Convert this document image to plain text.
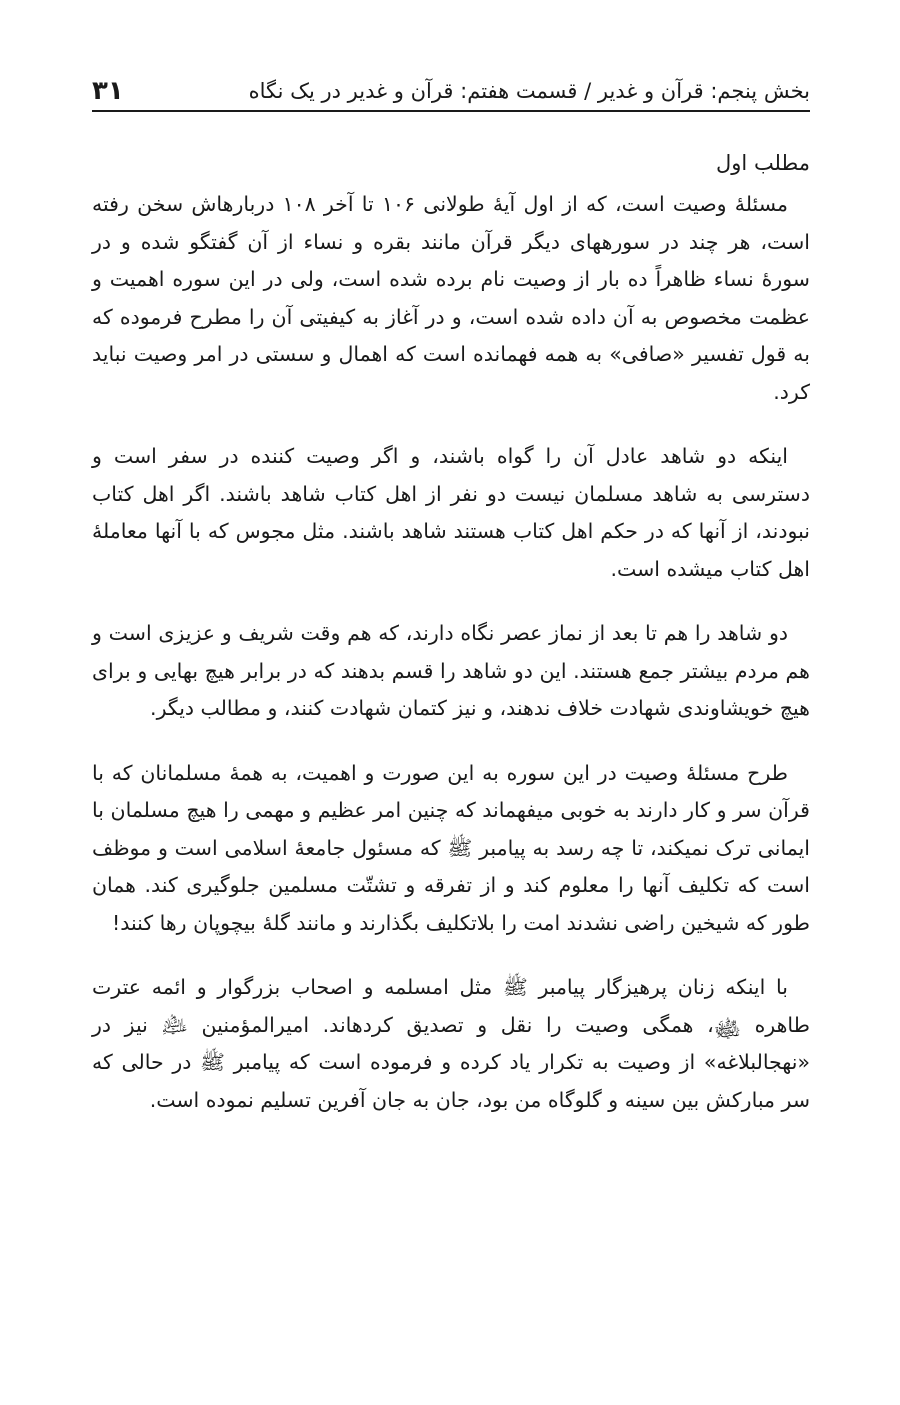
بخش پنجم: قرآن و غدیر / قسمت هفتم: قرآن و غدیر در یک نگاه
۳۱
مطلب اول

مسئلهٔ وصیت است، که از اول آیهٔ طولانی ۱۰۶ تا آخر ۱۰۸ دربارهاش سخن رفته است، هر چند در سورههای دیگر قرآن مانند بقره و نساء از آن گفتگو شده و در سورهٔ نساء ظاهراً ده بار از وصیت نام برده شده است، ولی در این سوره اهمیت و عظمت مخصوص به آن داده شده است، و در آغاز به کیفیتی آن را مطرح فرموده که به قول تفسیر «صافی» به همه فهمانده است که اهمال و سستی در امر وصیت نباید کرد.

اینکه دو شاهد عادل آن را گواه باشند، و اگر وصیت کننده در سفر است و دسترسی به شاهد مسلمان نیست دو نفر از اهل کتاب شاهد باشند. اگر اهل کتاب نبودند، از آنها که در حکم اهل کتاب هستند شاهد باشند. مثل مجوس که با آنها معاملهٔ اهل کتاب میشده است.

دو شاهد را هم تا بعد از نماز عصر نگاه دارند، که هم وقت شریف و عزیزی است و هم مردم بیشتر جمع هستند. این دو شاهد را قسم بدهند که در برابر هیچ بهایی و برای هیچ خویشاوندی شهادت خلاف ندهند، و نیز کتمان شهادت کنند، و مطالب دیگر.

طرح مسئلهٔ وصیت در این سوره به این صورت و اهمیت، به همهٔ مسلمانان که با قرآن سر و کار دارند به خوبی میفهماند که چنین امر عظیم و مهمی را هیچ مسلمان با ایمانی ترک نمیکند، تا چه رسد به پیامبر ﷺ که مسئول جامعهٔ اسلامی است و موظف است که تکلیف آنها را معلوم کند و از تفرقه و تشتّت مسلمین جلوگیری کند. همان طور که شیخین راضی نشدند امت را بلاتکلیف بگذارند و مانند گلهٔ بیچوپان رها کنند!

با اینکه زنان پرهیزگار پیامبر ﷺ مثل امسلمه و اصحاب بزرگوار و ائمه عترت طاهره ﵊، همگی وصیت را نقل و تصدیق کردهاند. امیرالمؤمنین ﵇ نیز در «نهجالبلاغه» از وصیت به تکرار یاد کرده و فرموده است که پیامبر ﷺ در حالی که سر مبارکش بین سینه و گلوگاه من بود، جان به جان آفرین تسلیم نموده است.
